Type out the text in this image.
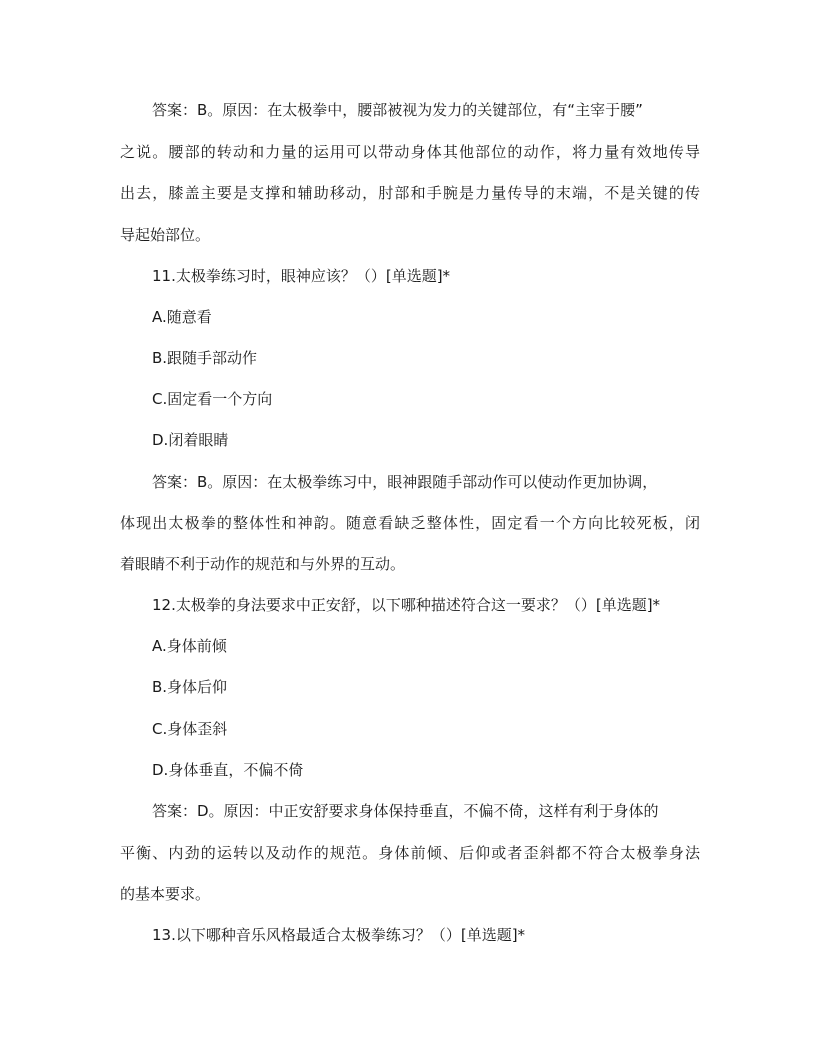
答案：B。原因：在太极拳中，腰部被视为发力的关键部位，有“主宰于腰”
之说。腰部的转动和力量的运用可以带动身体其他部位的动作，将力量有效地传导
出去，膝盖主要是支撑和辅助移动，肘部和手腕是力量传导的末端，不是关键的传
导起始部位。
11.太极拳练习时，眼神应该？（）[单选题]*
A.随意看
B.跟随手部动作
C.固定看一个方向
D.闭着眼睛
答案：B。原因：在太极拳练习中，眼神跟随手部动作可以使动作更加协调，
体现出太极拳的整体性和神韵。随意看缺乏整体性，固定看一个方向比较死板，闭
着眼睛不利于动作的规范和与外界的互动。
12.太极拳的身法要求中正安舒，以下哪种描述符合这一要求？（）[单选题]*
A.身体前倾
B.身体后仰
C.身体歪斜
D.身体垂直，不偏不倚
答案：D。原因：中正安舒要求身体保持垂直，不偏不倚，这样有利于身体的
平衡、内劲的运转以及动作的规范。身体前倾、后仰或者歪斜都不符合太极拳身法
的基本要求。
13.以下哪种音乐风格最适合太极拳练习？（）[单选题]*
